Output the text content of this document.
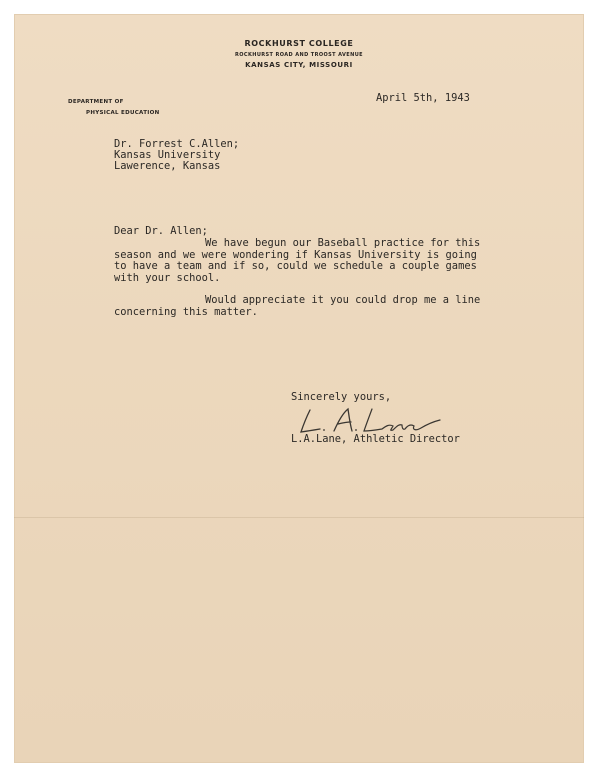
ROCKHURST COLLEGE
ROCKHURST ROAD AND TROOST AVENUE
KANSAS CITY, MISSOURI
DEPARTMENT OF
PHYSICAL EDUCATION
April 5th, 1943
Dr. Forrest C.Allen;
Kansas University
Lawerence, Kansas
Dear Dr. Allen;
We have begun our Baseball practice for this
season and we were wondering if Kansas University is going
to have a team and if so, could we schedule a couple games
with your school.
Would appreciate it you could drop me a line
concerning this matter.
Sincerely yours,
L.A.Lane, Athletic Director
